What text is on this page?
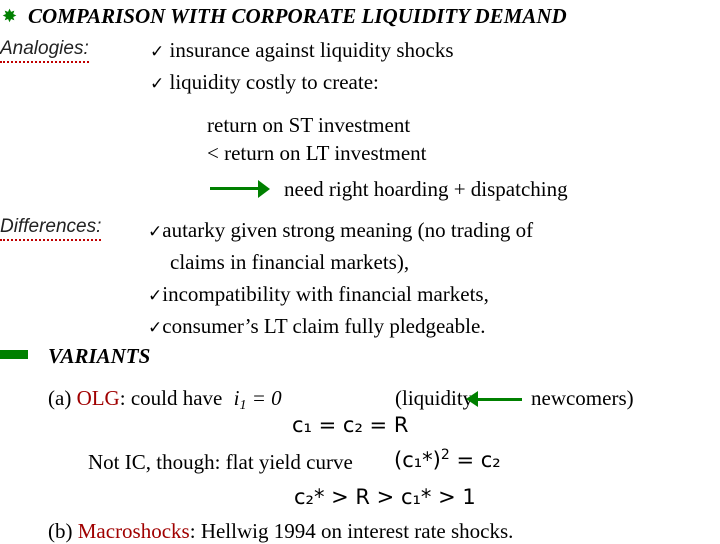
✸ COMPARISON WITH CORPORATE LIQUIDITY DEMAND
Analogies:	✓ insurance against liquidity shocks
✓ liquidity costly to create:
return on ST investment
< return on LT investment
need right hoarding + dispatching
Differences:	✓autarky given strong meaning (no trading of
claims in financial markets),
✓incompatibility with financial markets,
✓consumer’s LT claim fully pledgeable.
VARIANTS
(a) OLG: could have $i_1 = 0$	(liquidity	newcomers)
c₁ = c₂ = R
Not IC, though: flat yield curve $(c_1*)^2 = c_2$
c₂* > R > c₁* > 1
(b) Macroshocks: Hellwig 1994 on interest rate shocks.
